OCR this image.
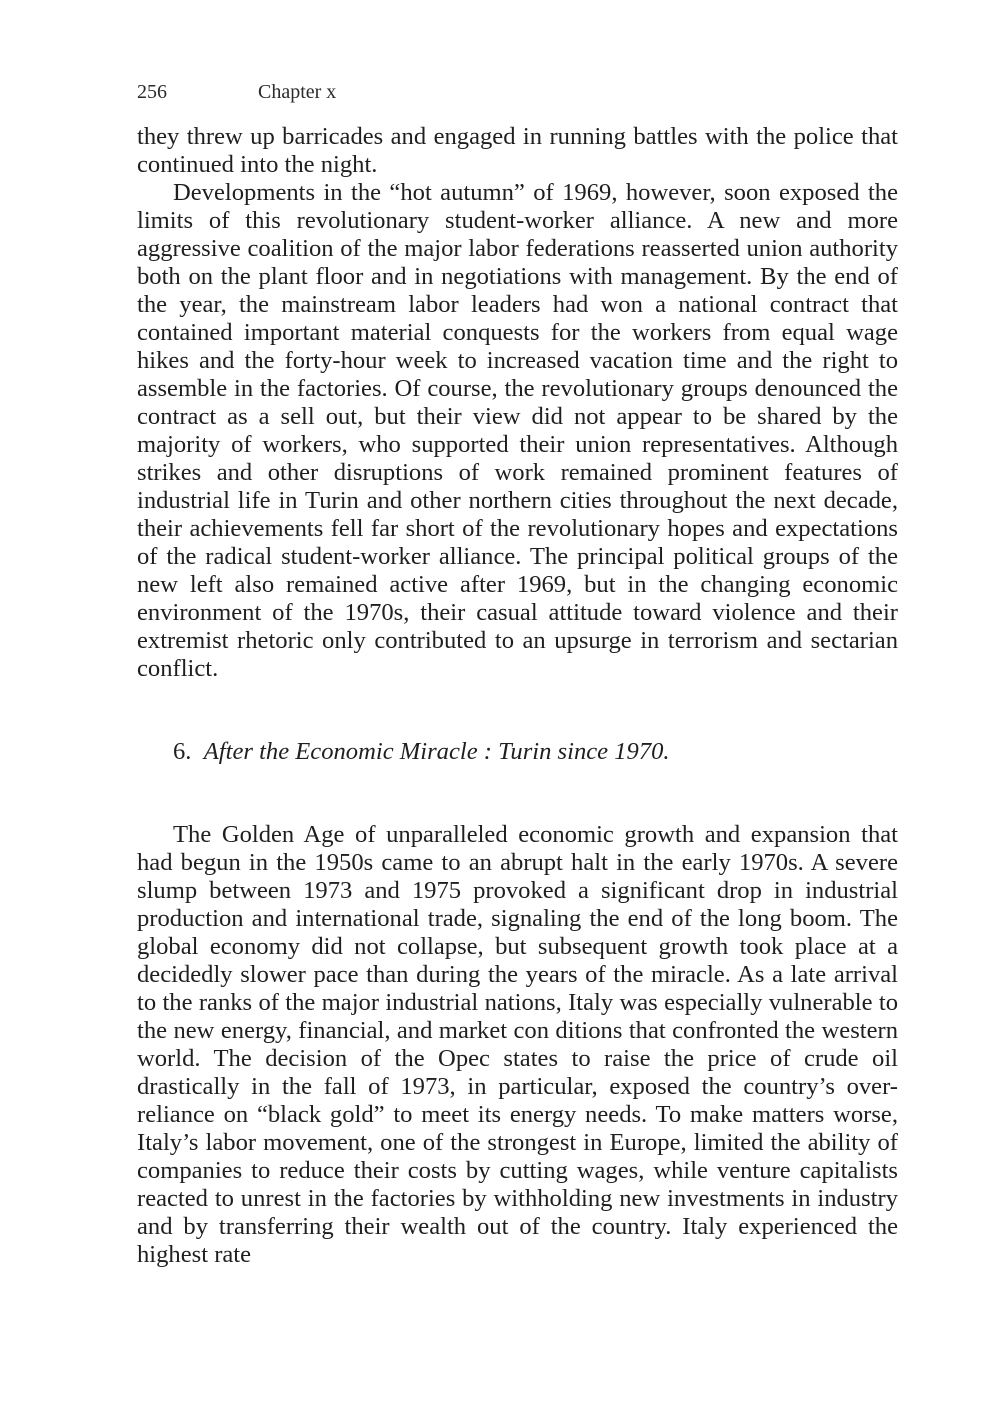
256	Chapter x

they threw up barricades and engaged in running battles with the police that continued into the night.

Developments in the “hot autumn” of 1969, however, soon exposed the limits of this revolutionary student-worker alliance. A new and more aggressive coalition of the major labor federations reasserted union authority both on the plant floor and in negotiations with management. By the end of the year, the mainstream labor leaders had won a national contract that contained important material conquests for the workers from equal wage hikes and the forty-hour week to increased vacation time and the right to assemble in the factories. Of course, the revolutionary groups denounced the contract as a sell out, but their view did not appear to be shared by the majority of workers, who supported their union representatives. Although strikes and other disruptions of work remained prominent features of industrial life in Turin and other northern cities throughout the next decade, their achievements fell far short of the revolutionary hopes and expectations of the radical student-worker alliance. The principal political groups of the new left also remained active after 1969, but in the changing economic environment of the 1970s, their casual attitude toward violence and their extremist rhetoric only contributed to an upsurge in terrorism and sectarian conflict.

6. After the Economic Miracle : Turin since 1970.

The Golden Age of unparalleled economic growth and expansion that had begun in the 1950s came to an abrupt halt in the early 1970s. A severe slump between 1973 and 1975 provoked a significant drop in industrial production and international trade, signaling the end of the long boom. The global economy did not collapse, but subsequent growth took place at a decidedly slower pace than during the years of the miracle. As a late arrival to the ranks of the major industrial nations, Italy was especially vulnerable to the new energy, financial, and market con ditions that confronted the western world. The decision of the Opec states to raise the price of crude oil drastically in the fall of 1973, in particular, exposed the country’s over-reliance on “black gold” to meet its energy needs. To make matters worse, Italy’s labor movement, one of the strongest in Europe, limited the ability of companies to reduce their costs by cutting wages, while venture capitalists reacted to unrest in the factories by withholding new investments in industry and by transferring their wealth out of the country. Italy experienced the highest rate
